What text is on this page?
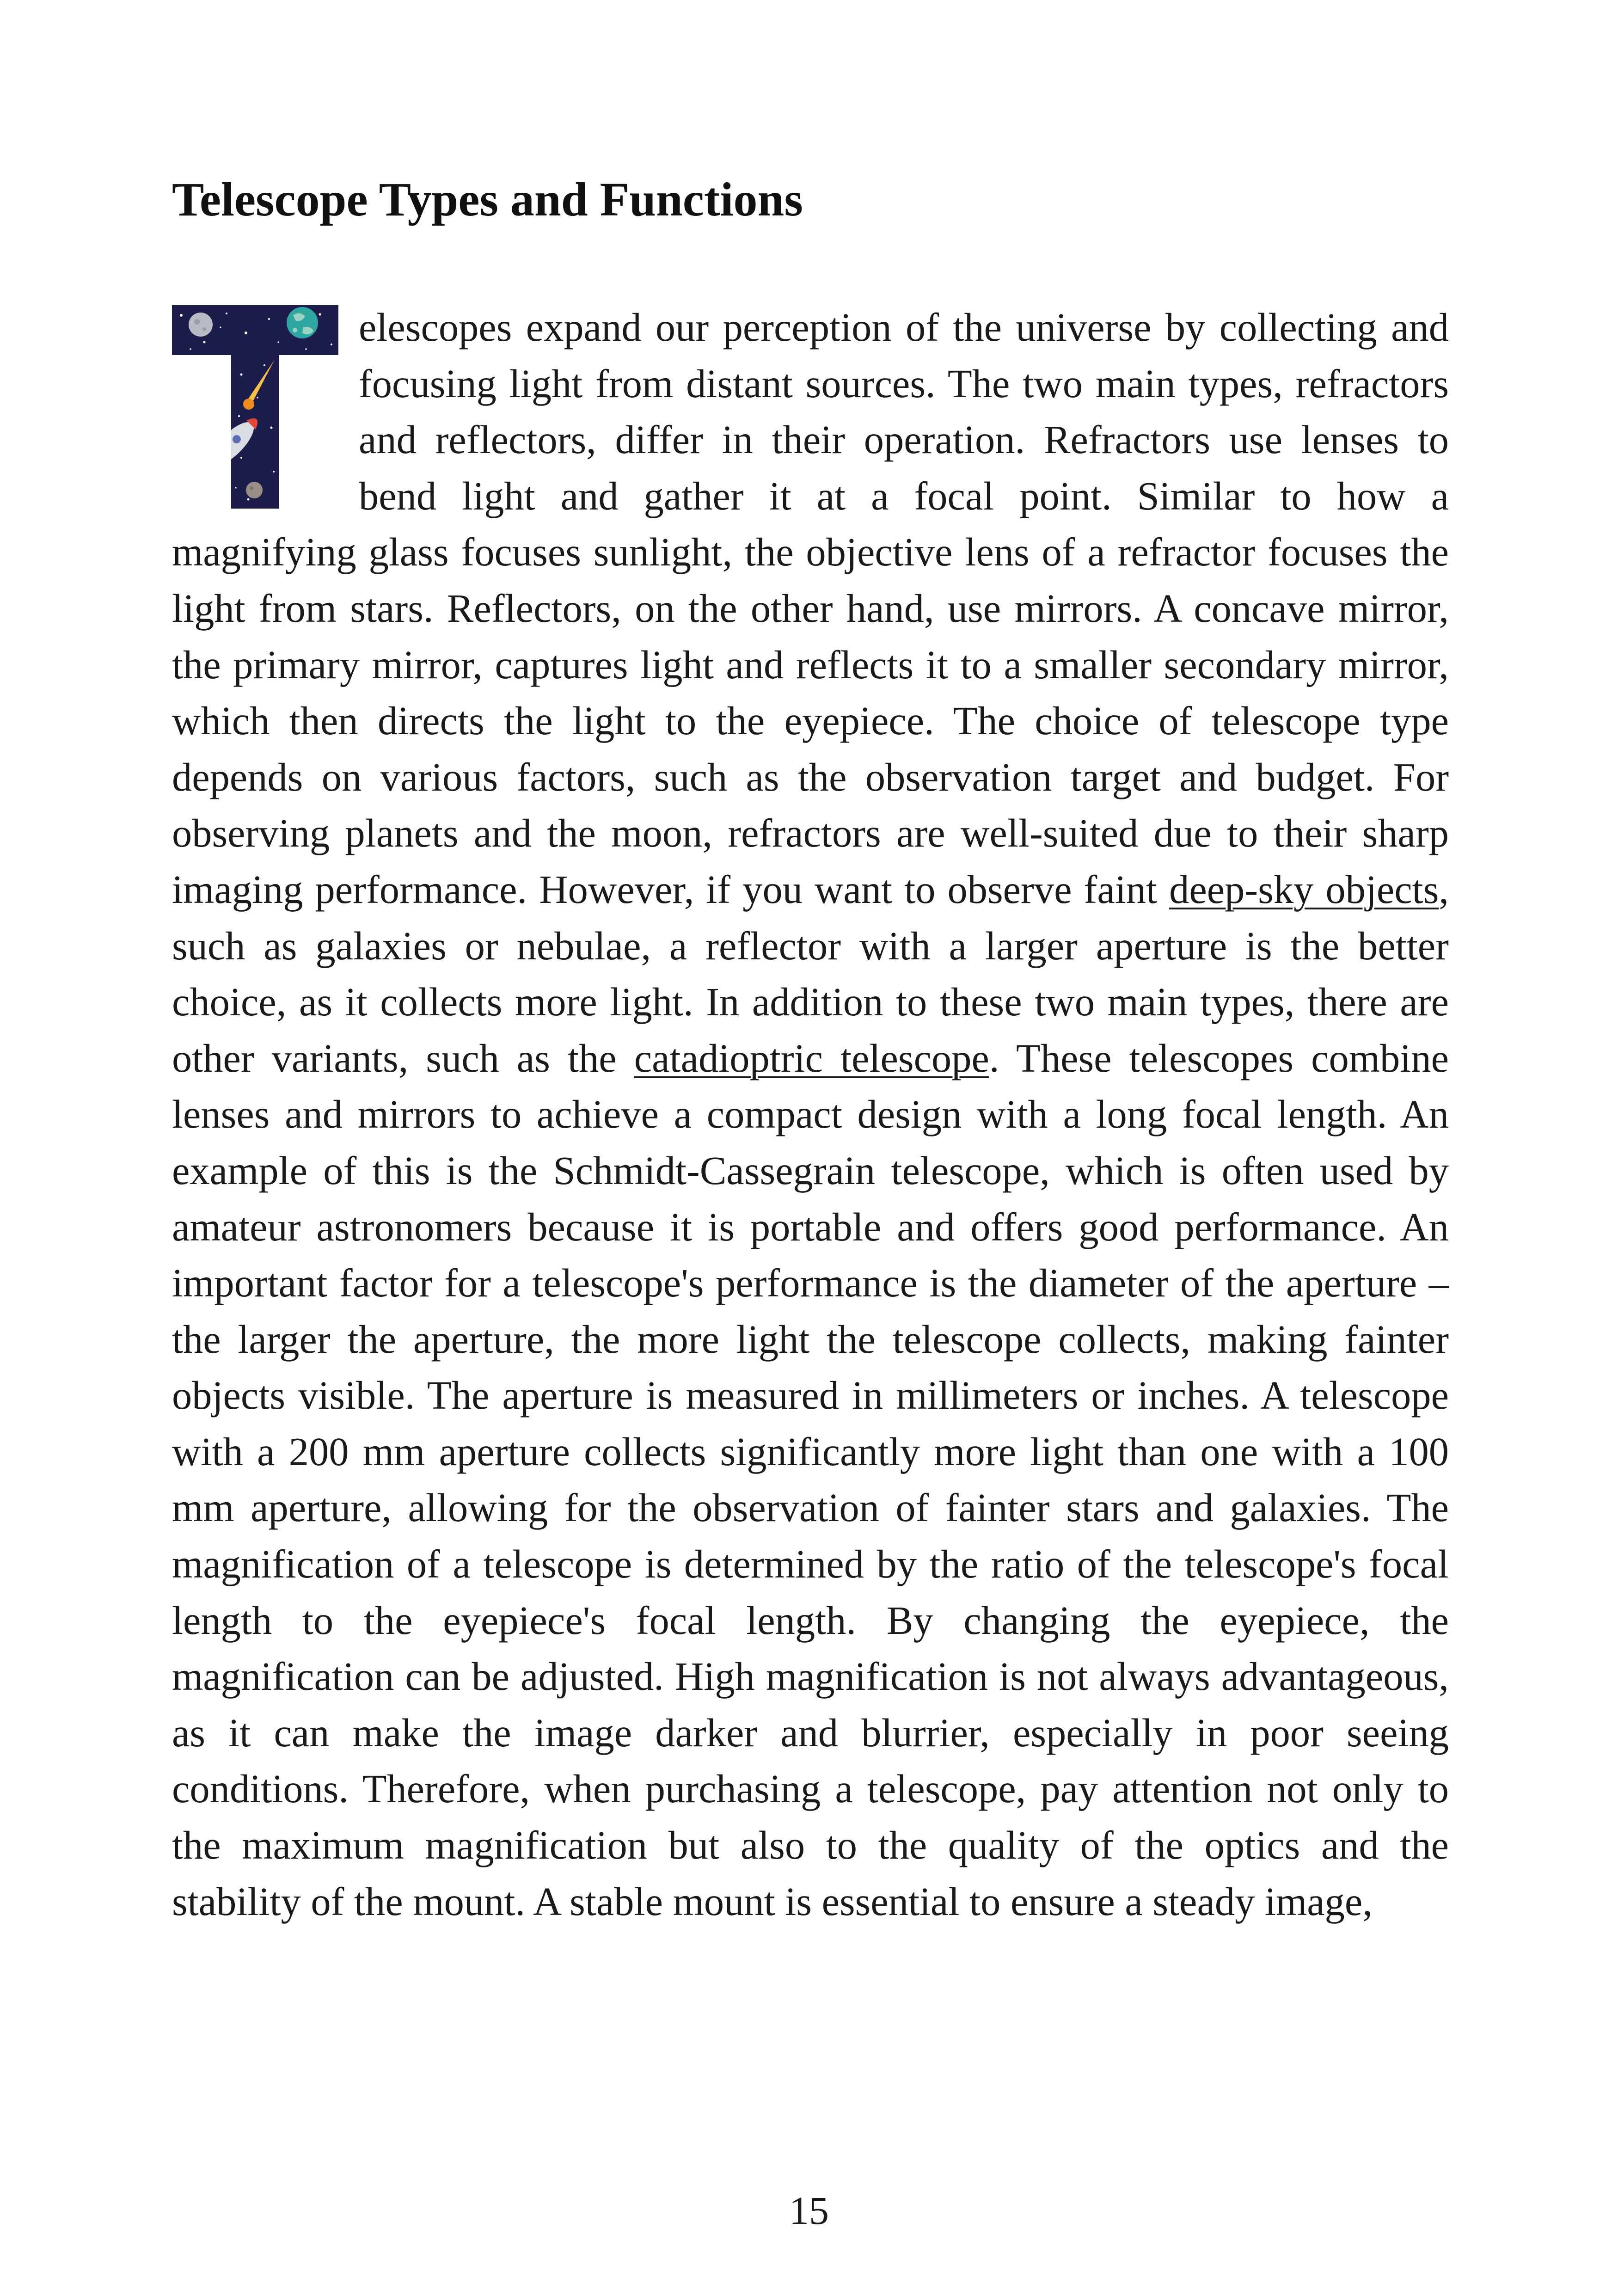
Telescope Types and Functions

elescopes expand our perception of the universe by collecting and focusing light from distant sources. The two main types, refractors and reflectors, differ in their operation. Refractors use lenses to bend light and gather it at a focal point. Similar to how a magnifying glass focuses sunlight, the objective lens of a refractor focuses the light from stars. Reflectors, on the other hand, use mirrors. A concave mirror, the primary mirror, captures light and reflects it to a smaller secondary mirror, which then directs the light to the eyepiece. The choice of telescope type depends on various factors, such as the observation target and budget. For observing planets and the moon, refractors are well-suited due to their sharp imaging performance. However, if you want to observe faint deep-sky objects, such as galaxies or nebulae, a reflector with a larger aperture is the better choice, as it collects more light. In addition to these two main types, there are other variants, such as the catadioptric telescope. These telescopes combine lenses and mirrors to achieve a compact design with a long focal length. An example of this is the Schmidt-Cassegrain telescope, which is often used by amateur astronomers because it is portable and offers good performance. An important factor for a telescope's performance is the diameter of the aperture – the larger the aperture, the more light the telescope collects, making fainter objects visible. The aperture is measured in millimeters or inches. A telescope with a 200 mm aperture collects significantly more light than one with a 100 mm aperture, allowing for the observation of fainter stars and galaxies. The magnification of a telescope is determined by the ratio of the telescope's focal length to the eyepiece's focal length. By changing the eyepiece, the magnification can be adjusted. High magnification is not always advantageous, as it can make the image darker and blurrier, especially in poor seeing conditions. Therefore, when purchasing a telescope, pay attention not only to the maximum magnification but also to the quality of the optics and the stability of the mount. A stable mount is essential to ensure a steady image,

15
